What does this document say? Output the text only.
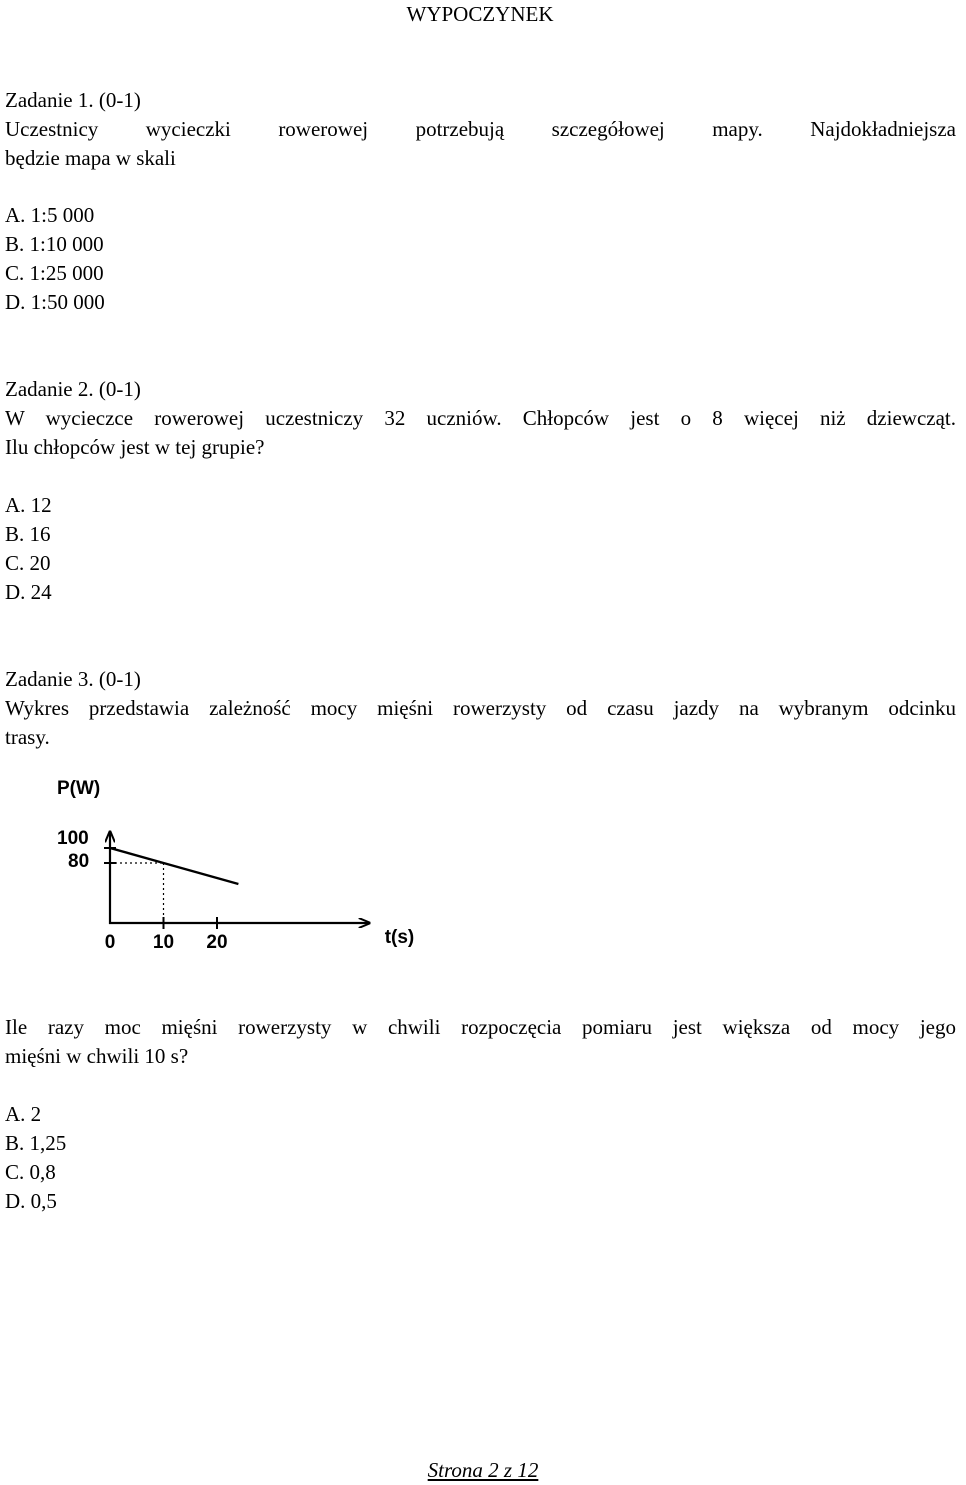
WYPOCZYNEK
Zadanie 1. (0-1)
Uczestnicy wycieczki rowerowej potrzebują szczegółowej mapy. Najdokładniejsza
będzie mapa w skali
A. 1:5 000
B. 1:10 000
C. 1:25 000
D. 1:50 000
Zadanie 2. (0-1)
W wycieczce rowerowej uczestniczy 32 uczniów. Chłopców jest o 8 więcej niż dziewcząt.
Ilu chłopców jest w tej grupie?
A. 12
B. 16
C. 20
D. 24
Zadanie 3. (0-1)
Wykres przedstawia zależność mocy mięśni rowerzysty od czasu jazdy na wybranym odcinku
trasy.
P(W)
t(s)
100
80
0 10 20
Ile razy moc mięśni rowerzysty w chwili rozpoczęcia pomiaru jest większa od mocy jego
mięśni w chwili 10 s?
A. 2
B. 1,25
C. 0,8
D. 0,5
Strona 2 z 12
